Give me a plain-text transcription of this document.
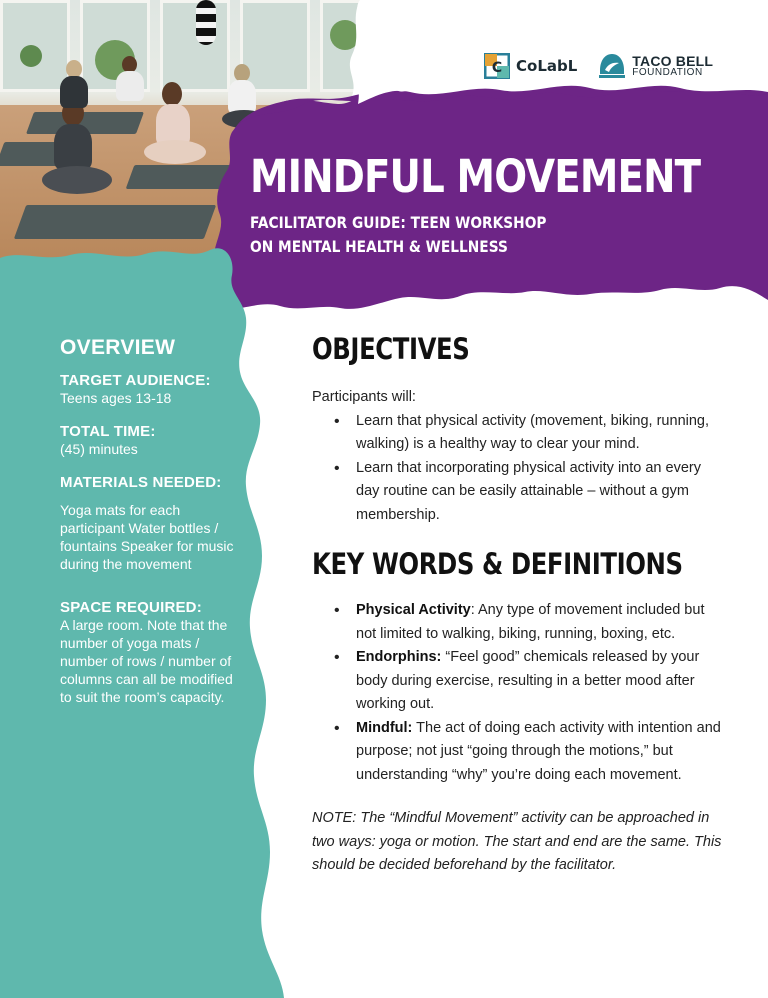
C CoLabL	TACO BELL
FOUNDATION
MINDFUL MOVEMENT
FACILITATOR GUIDE: TEEN WORKSHOP
ON MENTAL HEALTH & WELLNESS
OVERVIEW
TARGET AUDIENCE:
Teens ages 13-18
TOTAL TIME:
(45) minutes
MATERIALS NEEDED:
Yoga mats for each participant Water bottles / fountains Speaker for music during the movement
SPACE REQUIRED:
A large room. Note that the number of yoga mats / number of rows / number of columns can all be modified to suit the room’s capacity.
OBJECTIVES

Participants will:

• Learn that physical activity (movement, biking, running, walking) is a healthy way to clear your mind.
• Learn that incorporating physical activity into an every day routine can be easily attainable – without a gym membership.
KEY WORDS & DEFINITIONS
• Physical Activity: Any type of movement included but not limited to walking, biking, running, boxing, etc.
• Endorphins: “Feel good” chemicals released by your body during exercise, resulting in a better mood after working out.
• Mindful: The act of doing each activity with intention and purpose; not just “going through the motions,” but understanding “why” you’re doing each movement.

NOTE: The “Mindful Movement” activity can be approached in two ways: yoga or motion. The start and end are the same. This should be decided beforehand by the facilitator.
